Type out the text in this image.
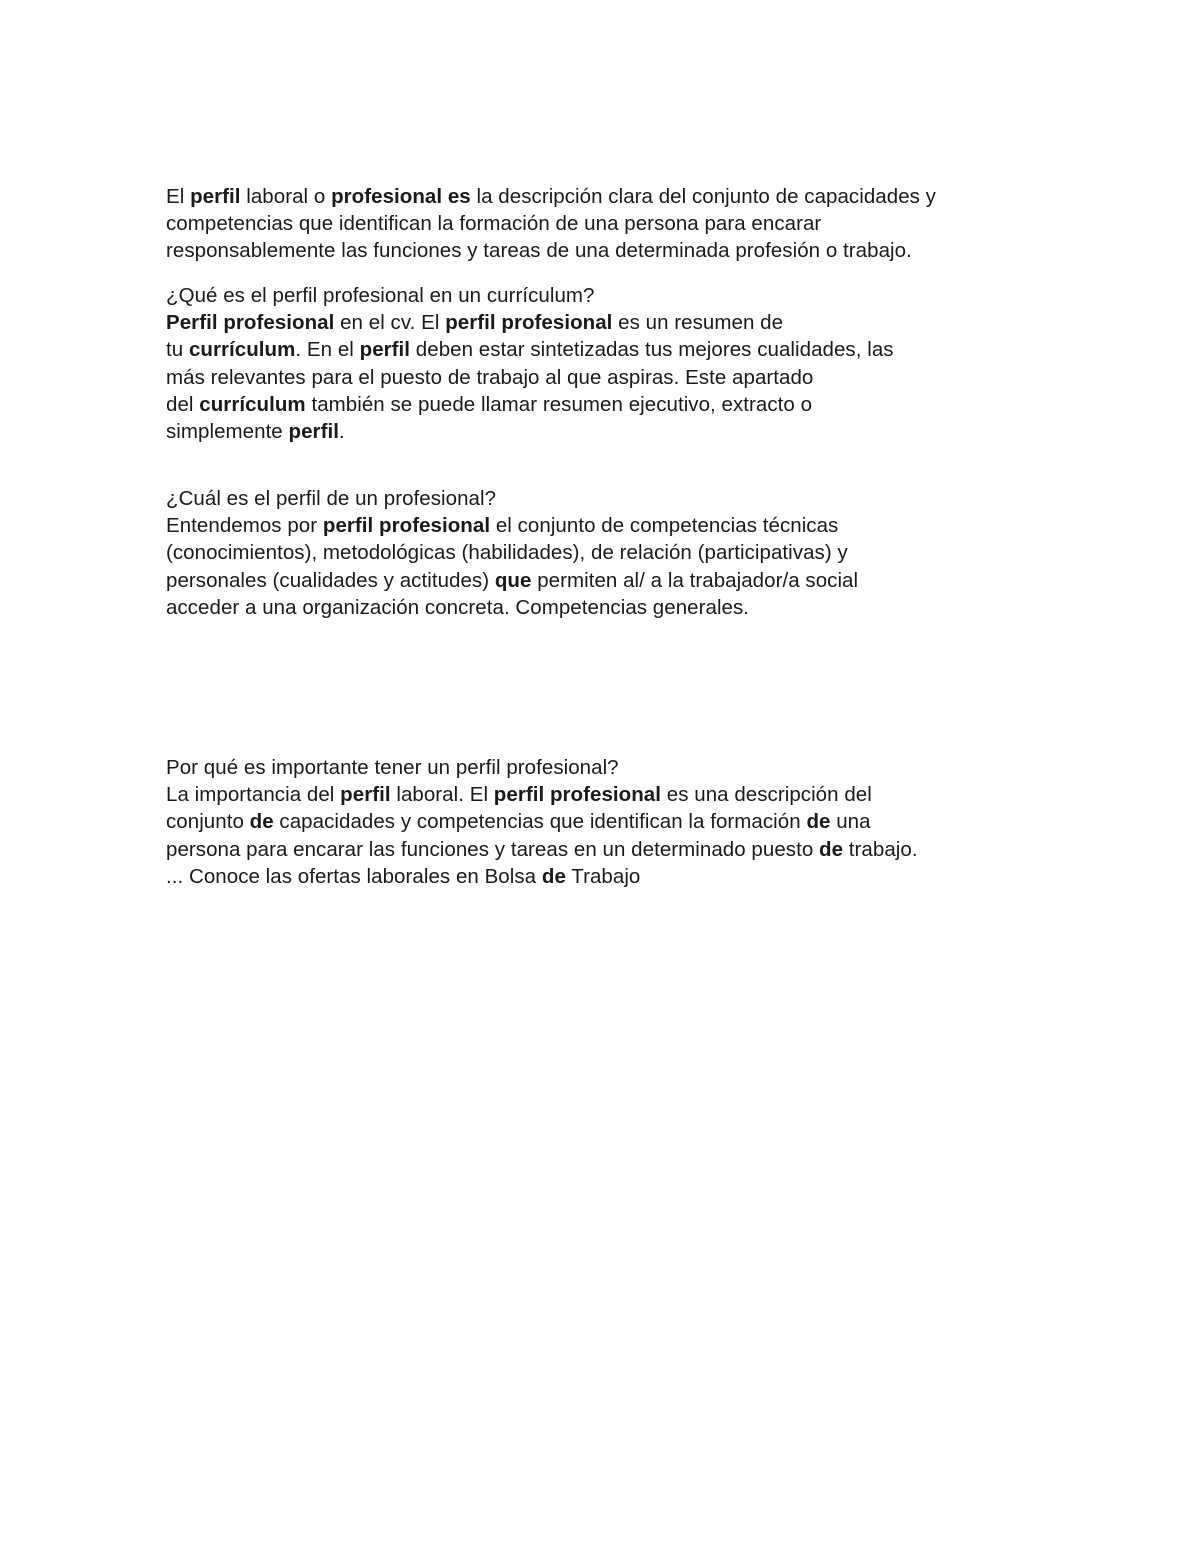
El perfil laboral o profesional es la descripción clara del conjunto de capacidades y
competencias que identifican la formación de una persona para encarar
responsablemente las funciones y tareas de una determinada profesión o trabajo.
¿Qué es el perfil profesional en un currículum?
Perfil profesional en el cv. El perfil profesional es un resumen de
tu currículum. En el perfil deben estar sintetizadas tus mejores cualidades, las
más relevantes para el puesto de trabajo al que aspiras. Este apartado
del currículum también se puede llamar resumen ejecutivo, extracto o
simplemente perfil.
¿Cuál es el perfil de un profesional?
Entendemos por perfil profesional el conjunto de competencias técnicas
(conocimientos), metodológicas (habilidades), de relación (participativas) y
personales (cualidades y actitudes) que permiten al/ a la trabajador/a social
acceder a una organización concreta. Competencias generales.
Por qué es importante tener un perfil profesional?
La importancia del perfil laboral. El perfil profesional es una descripción del
conjunto de capacidades y competencias que identifican la formación de una
persona para encarar las funciones y tareas en un determinado puesto de trabajo.
... Conoce las ofertas laborales en Bolsa de Trabajo
